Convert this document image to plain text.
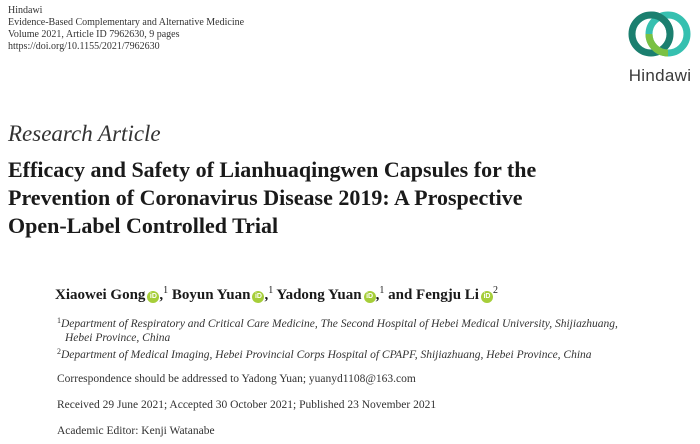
Hindawi
Evidence-Based Complementary and Alternative Medicine
Volume 2021, Article ID 7962630, 9 pages
https://doi.org/10.1155/2021/7962630
Hindawi
Research Article
Efficacy and Safety of Lianhuaqingwen Capsules for the
Prevention of Coronavirus Disease 2019: A Prospective
Open-Label Controlled Trial
Xiaowei Gong iD ,$^1$ Boyun Yuan iD ,$^1$ Yadong Yuan iD ,$^1$ and Fengju Li iD$^2$
$^1$Department of Respiratory and Critical Care Medicine, The Second Hospital of Hebei Medical University, Shijiazhuang,
Hebei Province, China
$^2$Department of Medical Imaging, Hebei Provincial Corps Hospital of CPAPF, Shijiazhuang, Hebei Province, China
Correspondence should be addressed to Yadong Yuan; yuanyd1108@163.com
Received 29 June 2021; Accepted 30 October 2021; Published 23 November 2021
Academic Editor: Kenji Watanabe
